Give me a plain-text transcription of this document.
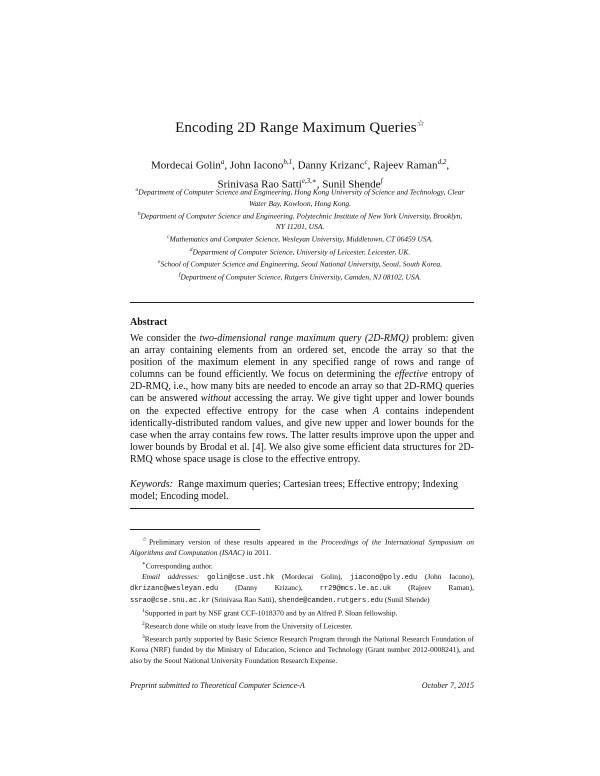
Encoding 2D Range Maximum Queries☆
Mordecai Golin$^a$, John Iacono$^{b,1}$, Danny Krizanc$^c$, Rajeev Raman$^{d,2}$,
Srinivasa Rao Satti$^{e,3,∗}$, Sunil Shende$^f$
$^a$Department of Computer Science and Engineering, Hong Kong University of Science and Technology, Clear Water Bay, Kowloon, Hong Kong.
$^b$Department of Computer Science and Engineering, Polytechnic Institute of New York University, Brooklyn, NY 11201, USA.
$^c$Mathematics and Computer Science, Wesleyan University, Middletown, CT 06459 USA.
$^d$Department of Computer Science, University of Leicester, Leicester, UK.
$^e$School of Computer Science and Engineering, Seoul National University, Seoul, South Korea.
$^f$Department of Computer Science, Rutgers University, Camden, NJ 08102, USA.
Abstract
We consider the two-dimensional range maximum query (2D-RMQ) problem: given an array containing elements from an ordered set, encode the array so that the position of the maximum element in any specified range of rows and range of columns can be found efficiently. We focus on determining the effective entropy of 2D-RMQ, i.e., how many bits are needed to encode an array so that 2D-RMQ queries can be answered without accessing the array. We give tight upper and lower bounds on the expected effective entropy for the case when A contains independent identically-distributed random values, and give new upper and lower bounds for the case when the array contains few rows. The latter results improve upon the upper and lower bounds by Brodal et al. [4]. We also give some efficient data structures for 2D-RMQ whose space usage is close to the effective entropy.
Keywords: Range maximum queries; Cartesian trees; Effective entropy; Indexing model; Encoding model.

☆Preliminary version of these results appeared in the Proceedings of the International Symposium on Algorithms and Computation (ISAAC) in 2011.

∗Corresponding author.

Email addresses: golin@cse.ust.hk (Mordecai Golin), jiacono@poly.edu (John Iacono), dkrizanc@wesleyan.edu (Danny Krizanc), rr29@mcs.le.ac.uk (Rajeev Raman), ssrao@cse.snu.ac.kr (Srinivasa Rao Satti), shende@camden.rutgers.edu (Sunil Shende)

$^1$Supported in part by NSF grant CCF-1018370 and by an Alfred P. Sloan fellowship.

$^2$Research done while on study leave from the University of Leicester.

$^3$Research partly supported by Basic Science Research Program through the National Research Foundation of Korea (NRF) funded by the Ministry of Education, Science and Technology (Grant number 2012-0008241), and also by the Seoul National University Foundation Research Expense.

Preprint submitted to Theoretical Computer Science-A	October 7, 2015
